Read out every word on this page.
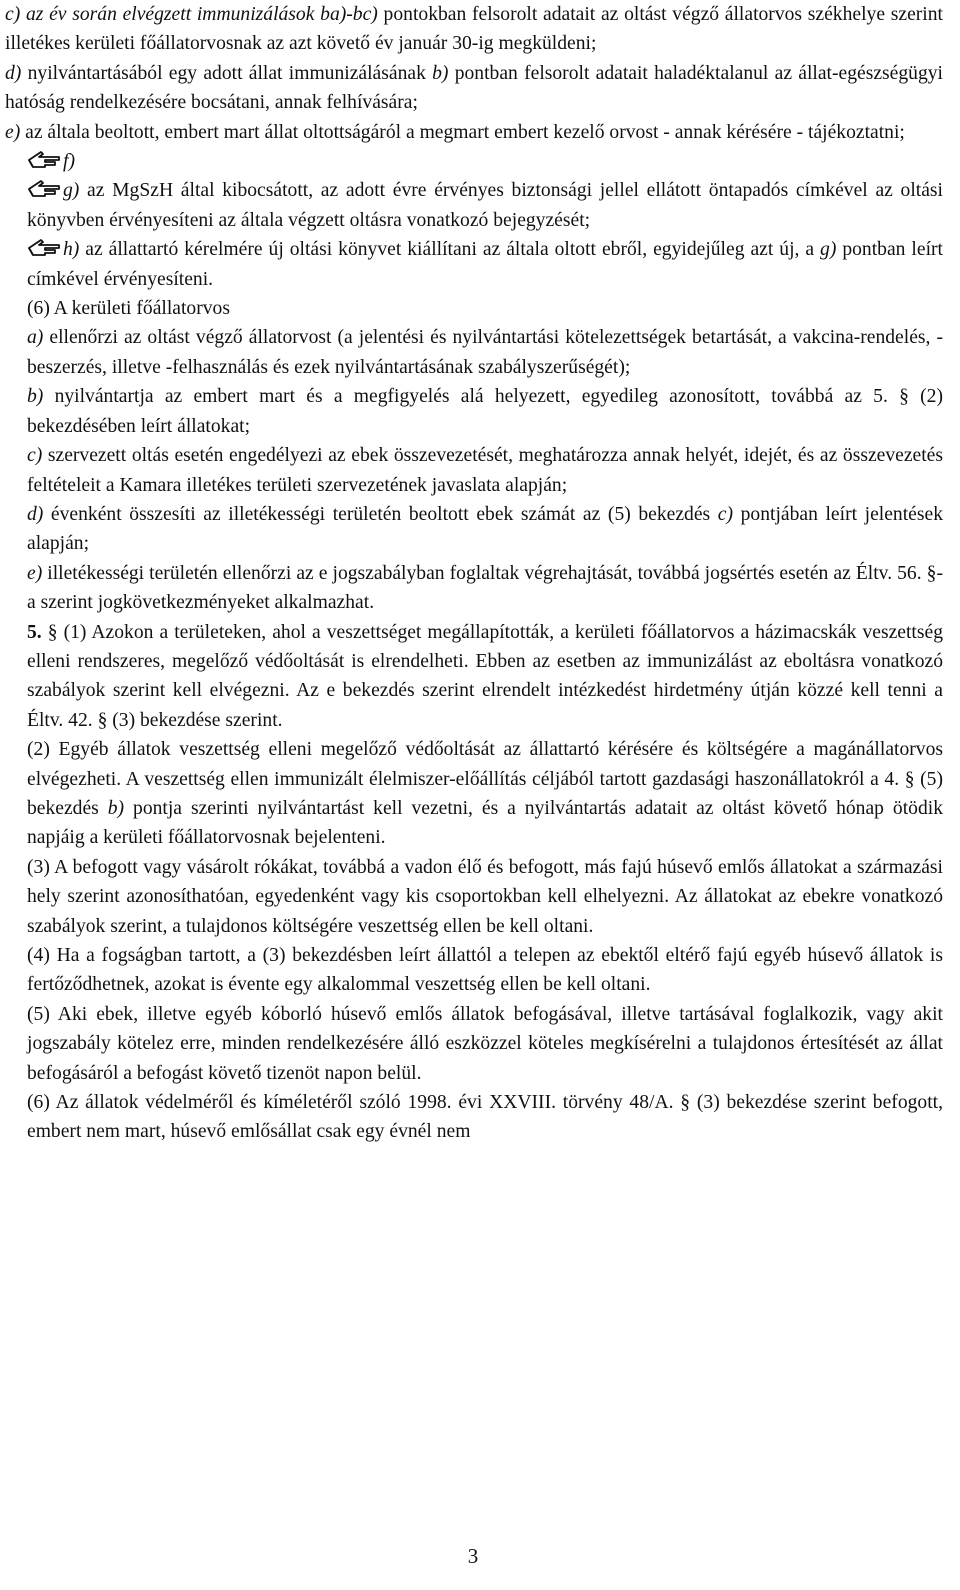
c) az év során elvégzett immunizálások ba)-bc) pontokban felsorolt adatait az oltást végző állatorvos székhelye szerint illetékes kerületi főállatorvosnak az azt követő év január 30-ig megküldeni;

d) nyilvántartásából egy adott állat immunizálásának b) pontban felsorolt adatait haladéktalanul az állat-egészségügyi hatóság rendelkezésére bocsátani, annak felhívására;

e) az általa beoltott, embert mart állat oltottságáról a megmart embert kezelő orvost - annak kérésére - tájékoztatni;

f)

g) az MgSzH által kibocsátott, az adott évre érvényes biztonsági jellel ellátott öntapadós címkével az oltási könyvben érvényesíteni az általa végzett oltásra vonatkozó bejegyzését;

h) az állattartó kérelmére új oltási könyvet kiállítani az általa oltott ebről, egyidejűleg azt új, a g) pontban leírt címkével érvényesíteni.

(6) A kerületi főállatorvos

a) ellenőrzi az oltást végző állatorvost (a jelentési és nyilvántartási kötelezettségek betartását, a vakcina-rendelés, -beszerzés, illetve -felhasználás és ezek nyilvántartásának szabályszerűségét);

b) nyilvántartja az embert mart és a megfigyelés alá helyezett, egyedileg azonosított, továbbá az 5. § (2) bekezdésében leírt állatokat;

c) szervezett oltás esetén engedélyezi az ebek összevezetését, meghatározza annak helyét, idejét, és az összevezetés feltételeit a Kamara illetékes területi szervezetének javaslata alapján;

d) évenként összesíti az illetékességi területén beoltott ebek számát az (5) bekezdés c) pontjában leírt jelentések alapján;

e) illetékességi területén ellenőrzi az e jogszabályban foglaltak végrehajtását, továbbá jogsértés esetén az Éltv. 56. §-a szerint jogkövetkezményeket alkalmazhat.

5. § (1) Azokon a területeken, ahol a veszettséget megállapították, a kerületi főállatorvos a házimacskák veszettség elleni rendszeres, megelőző védőoltását is elrendelheti. Ebben az esetben az immunizálást az eboltásra vonatkozó szabályok szerint kell elvégezni. Az e bekezdés szerint elrendelt intézkedést hirdetmény útján közzé kell tenni a Éltv. 42. § (3) bekezdése szerint.

(2) Egyéb állatok veszettség elleni megelőző védőoltását az állattartó kérésére és költségére a magánállatorvos elvégezheti. A veszettség ellen immunizált élelmiszer-előállítás céljából tartott gazdasági haszonállatokról a 4. § (5) bekezdés b) pontja szerinti nyilvántartást kell vezetni, és a nyilvántartás adatait az oltást követő hónap ötödik napjáig a kerületi főállatorvosnak bejelenteni.

(3) A befogott vagy vásárolt rókákat, továbbá a vadon élő és befogott, más fajú húsevő emlős állatokat a származási hely szerint azonosíthatóan, egyedenként vagy kis csoportokban kell elhelyezni. Az állatokat az ebekre vonatkozó szabályok szerint, a tulajdonos költségére veszettség ellen be kell oltani.

(4) Ha a fogságban tartott, a (3) bekezdésben leírt állattól a telepen az ebektől eltérő fajú egyéb húsevő állatok is fertőződhetnek, azokat is évente egy alkalommal veszettség ellen be kell oltani.

(5) Aki ebek, illetve egyéb kóborló húsevő emlős állatok befogásával, illetve tartásával foglalkozik, vagy akit jogszabály kötelez erre, minden rendelkezésére álló eszközzel köteles megkísérelni a tulajdonos értesítését az állat befogásáról a befogást követő tizenöt napon belül.

(6) Az állatok védelméről és kíméletéről szóló 1998. évi XXVIII. törvény 48/A. § (3) bekezdése szerint befogott, embert nem mart, húsevő emlősállat csak egy évnél nem

3
